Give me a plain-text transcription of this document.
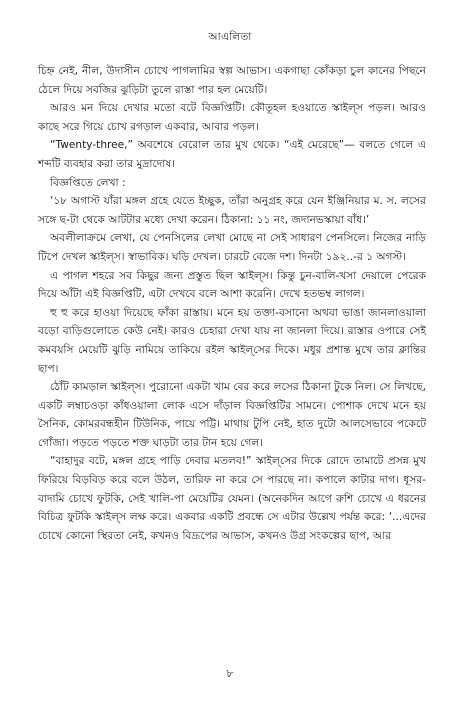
আএলিতা

চিহ্ন নেই, নীল, উদাসীন চোখে পাগলামির স্বল্প আভাস। একগাছা কোঁকড়া চুল কানের পিছনে ঠেলে দিয়ে সবজির ঝুড়িটা তুলে রাস্তা পার হল মেয়েটি।

আরও মন দিয়ে দেখার মতো বটে বিজ্ঞপ্তিটি। কৌতূহল হওয়াতে স্কাইল্‌স পড়ল। আরও কাছে সরে গিয়ে চোখ রগড়াল একবার, আবার পড়ল।

“Twenty-three,” অবশেষে বেরোল তার মুখ থেকে। “এই মেরেছে”— বলতে গেলে এ শব্দটি ব্যবহার করা তার মুদ্রাদোষ।

বিজ্ঞপ্তিতে লেখা :

‘১৮ অগাস্ট যাঁরা মঙ্গল গ্রহে যেতে ইচ্ছুক, তাঁরা অনুগ্রহ করে যেন ইঞ্জিনিয়ার ম. স. লসের সঙ্গে ছ-টা থেকে আটটার মধ্যে দেখা করেন। ঠিকানা: ১১ নং, জদানভস্কায়া বাঁধ।’

অবলীলাক্রমে লেখা, যে পেনসিলের লেখা মোছে না সেই সাধারণ পেনসিলে। নিজের নাড়ি টিপে দেখল স্কাইল্‌স। স্বাভাবিক। ঘড়ি দেখল। চারটে বেজে দশ। দিনটা ১৯২..-র ১ অগস্ট।

এ পাগল শহরে সব কিছুর জন্য প্রস্তুত ছিল স্কাইল্‌স। কিন্তু চুন-বালি-খসা দেয়ালে পেরেক দিয়ে আঁটা এই বিজ্ঞপ্তিটি, এটা দেখবে বলে আশা করেনি। দেখে হতভম্ব লাগল।

হু হু করে হাওয়া দিয়েছে ফাঁকা রাস্তায়। মনে হয় তক্তা-বসানো অথবা ভাঙা জানলাওয়ালা বড়ো বাড়িগুলোতে কেউ নেই। কারও চেহারা দেখা যায় না জানলা দিয়ে। রাস্তার ওপারে সেই কমবয়সি মেয়েটি ঝুড়ি নামিয়ে তাকিয়ে রইল স্কাইল্‌সের দিকে। মধুর প্রশান্ত মুখে তার ক্লান্তির ছাপ।

ঠোঁট কামড়াল স্কাইল্‌স। পুরোনো একটা খাম বের করে লসের ঠিকানা টুকে নিল। সে লিখছে, একটি লম্বাচওড়া কাঁধওয়ালা লোক এসে দাঁড়াল বিজ্ঞপ্তিটির সামনে। পোশাক দেখে মনে হয় সৈনিক, কোমরবন্ধহীন টিউনিক, পায়ে পট্টি। মাথায় টুপি নেই, হাত দুটো আলসেভাবে পকেটে গোঁজা। পড়তে পড়তে শক্ত ঘাড়টা তার টান হয়ে গেল।

“বাহাদুর বটে, মঙ্গল গ্রহে পাড়ি দেবার মতলব!” স্কাইল্‌সের দিকে রোদে তামাটে প্রসন্ন মুখ ফিরিয়ে বিড়বিড় করে বলে উঠল, তারিফ না করে সে পারছে না। কপালে কাটার দাগ। ধূসর-বাদামি চোখে ফুটকি, সেই খালি-পা মেয়েটির যেমন। (অনেকদিন আগে রুশি চোখে এ ধরনের বিচিত্র ফুটকি স্কাইল্‌স লক্ষ করে। একবার একটি প্রবন্ধে সে এটার উল্লেখ পর্যন্ত করে: ‘...এদের চোখে কোনো স্থিরতা নেই, কখনও বিদ্রূপের আভাস, কখনও উগ্র সংকল্পের ছাপ, আর

৮
